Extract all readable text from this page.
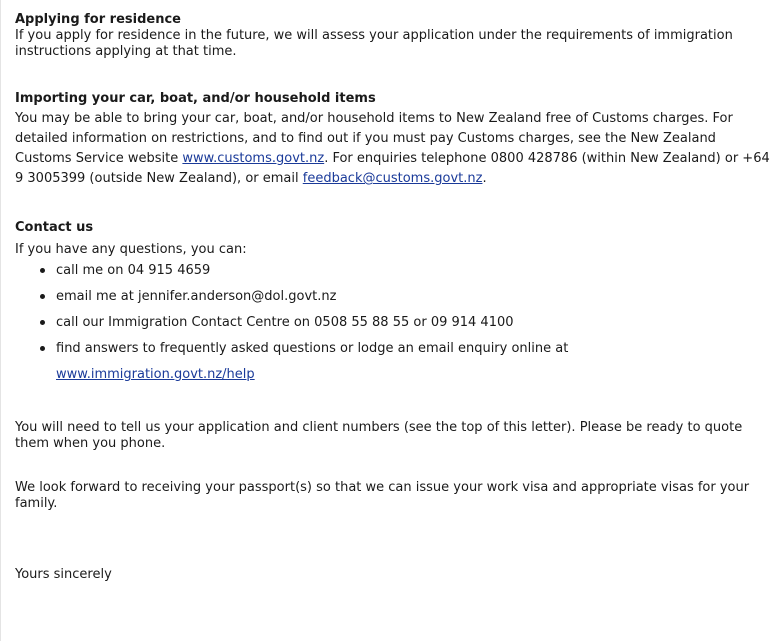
Applying for residence

If you apply for residence in the future, we will assess your application under the requirements of immigration instructions applying at that time.

Importing your car, boat, and/or household items

You may be able to bring your car, boat, and/or household items to New Zealand free of Customs charges. For detailed information on restrictions, and to find out if you must pay Customs charges, see the New Zealand Customs Service website www.customs.govt.nz. For enquiries telephone 0800 428786 (within New Zealand) or +64 9 3005399 (outside New Zealand), or email feedback@customs.govt.nz.

Contact us

If you have any questions, you can:

call me on 04 915 4659
email me at jennifer.anderson@dol.govt.nz
call our Immigration Contact Centre on 0508 55 88 55 or 09 914 4100
find answers to frequently asked questions or lodge an email enquiry online at
www.immigration.govt.nz/help

You will need to tell us your application and client numbers (see the top of this letter). Please be ready to quote them when you phone.

We look forward to receiving your passport(s) so that we can issue your work visa and appropriate visas for your family.

Yours sincerely
